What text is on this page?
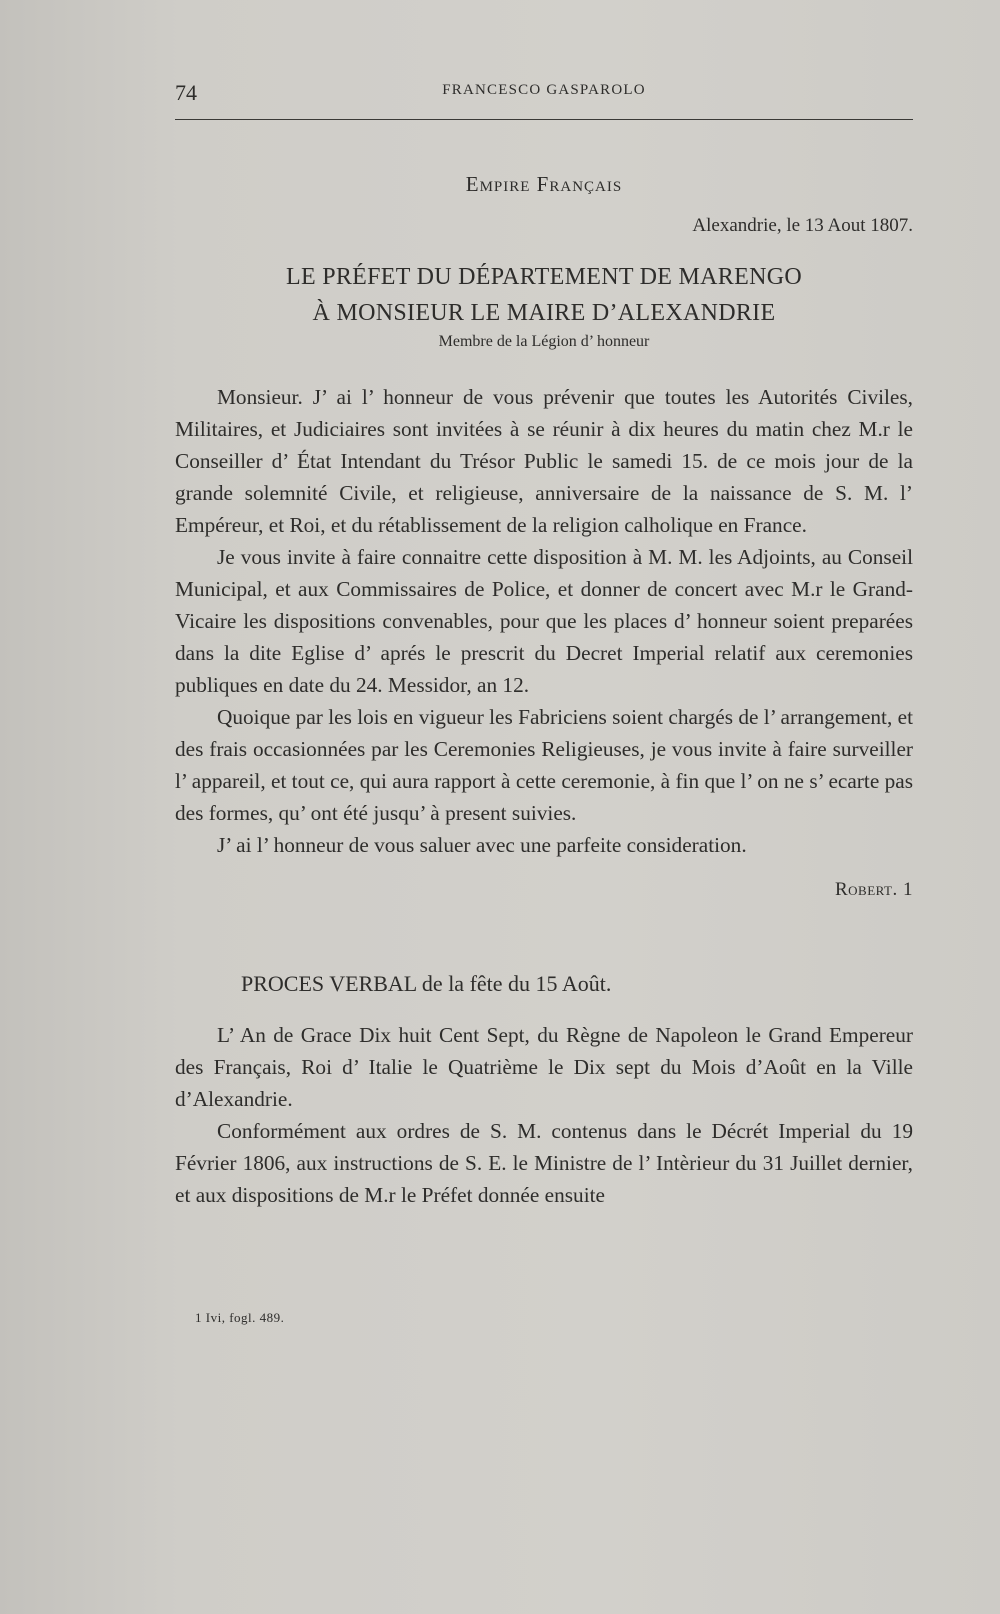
74	FRANCESCO GASPAROLO
Empire Français
Alexandrie, le 13 Aout 1807.
LE PRÉFET DU DÉPARTEMENT DE MARENGO
À MONSIEUR LE MAIRE D’ALEXANDRIE
Membre de la Légion d’ honneur

Monsieur. J’ ai l’ honneur de vous prévenir que toutes les Autorités Civiles, Militaires, et Judiciaires sont invitées à se réunir à dix heures du matin chez M.r le Conseiller d’ État Intendant du Trésor Public le samedi 15. de ce mois jour de la grande solemnité Civile, et religieuse, anniversaire de la naissance de S. M. l’ Empéreur, et Roi, et du rétablissement de la religion calholique en France.

Je vous invite à faire connaitre cette disposition à M. M. les Adjoints, au Conseil Municipal, et aux Commissaires de Police, et donner de concert avec M.r le Grand-Vicaire les dispositions convenables, pour que les places d’ honneur soient preparées dans la dite Eglise d’ aprés le prescrit du Decret Imperial relatif aux ceremonies publiques en date du 24. Messidor, an 12.

Quoique par les lois en vigueur les Fabriciens soient chargés de l’ arrangement, et des frais occasionnées par les Ceremonies Religieuses, je vous invite à faire surveiller l’ appareil, et tout ce, qui aura rapport à cette ceremonie, à fin que l’ on ne s’ ecarte pas des formes, qu’ ont été jusqu’ à present suivies.

J’ ai l’ honneur de vous saluer avec une parfeite consideration.

Robert. 1
PROCES VERBAL de la fête du 15 Août.

L’ An de Grace Dix huit Cent Sept, du Règne de Napoleon le Grand Empereur des Français, Roi d’ Italie le Quatrième le Dix sept du Mois d’Août en la Ville d’Alexandrie.

Conformément aux ordres de S. M. contenus dans le Décrét Imperial du 19 Février 1806, aux instructions de S. E. le Ministre de l’ Intèrieur du 31 Juillet dernier, et aux dispositions de M.r le Préfet donnée ensuite

1 Ivi, fogl. 489.
